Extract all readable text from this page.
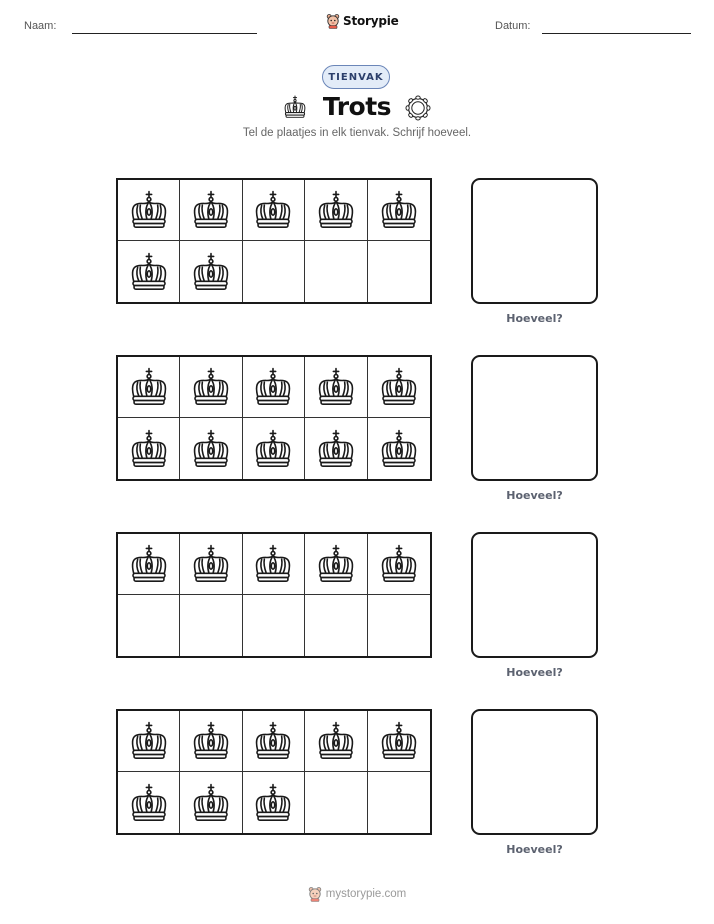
Naam:	Storypie	Datum:
TIENVAK
Trots
Tel de plaatjes in elk tienvak. Schrijf hoeveel.
Hoeveel?
Hoeveel?
Hoeveel?
Hoeveel?
mystorypie.com
